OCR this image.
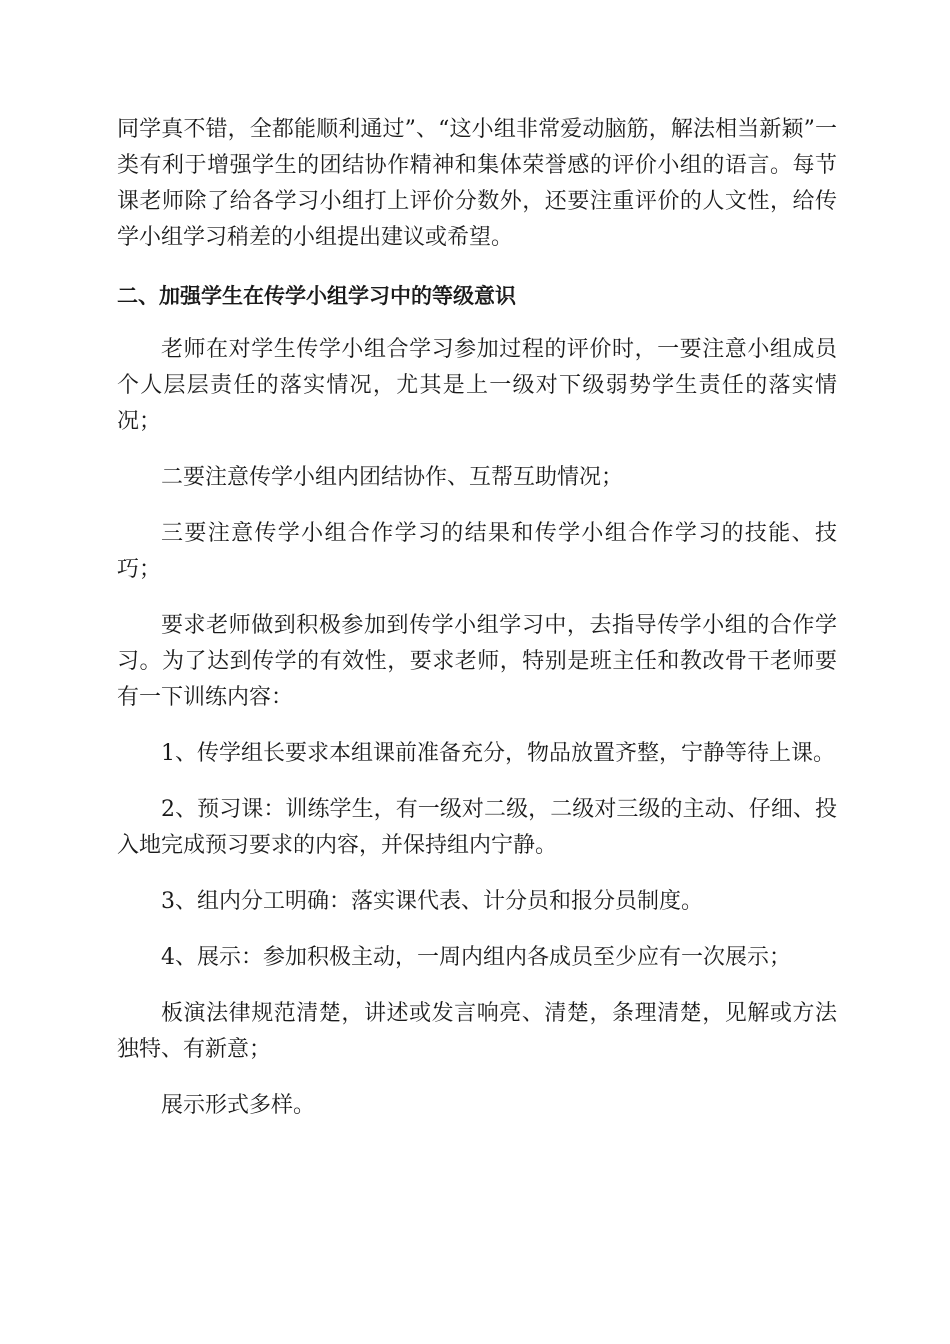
同学真不错，全都能顺利通过”、“这小组非常爱动脑筋，解法相当新颖”一类有利于增强学生的团结协作精神和集体荣誉感的评价小组的语言。每节课老师除了给各学习小组打上评价分数外，还要注重评价的人文性，给传学小组学习稍差的小组提出建议或希望。

二、加强学生在传学小组学习中的等级意识

老师在对学生传学小组合学习参加过程的评价时，一要注意小组成员个人层层责任的落实情况，尤其是上一级对下级弱势学生责任的落实情况；

二要注意传学小组内团结协作、互帮互助情况；

三要注意传学小组合作学习的结果和传学小组合作学习的技能、技巧；

要求老师做到积极参加到传学小组学习中，去指导传学小组的合作学习。为了达到传学的有效性，要求老师，特别是班主任和教改骨干老师要有一下训练内容：

1、传学组长要求本组课前准备充分，物品放置齐整，宁静等待上课。

2、预习课：训练学生，有一级对二级，二级对三级的主动、仔细、投入地完成预习要求的内容，并保持组内宁静。

3、组内分工明确：落实课代表、计分员和报分员制度。

4、展示：参加积极主动，一周内组内各成员至少应有一次展示；

板演法律规范清楚，讲述或发言响亮、清楚，条理清楚，见解或方法独特、有新意；

展示形式多样。
